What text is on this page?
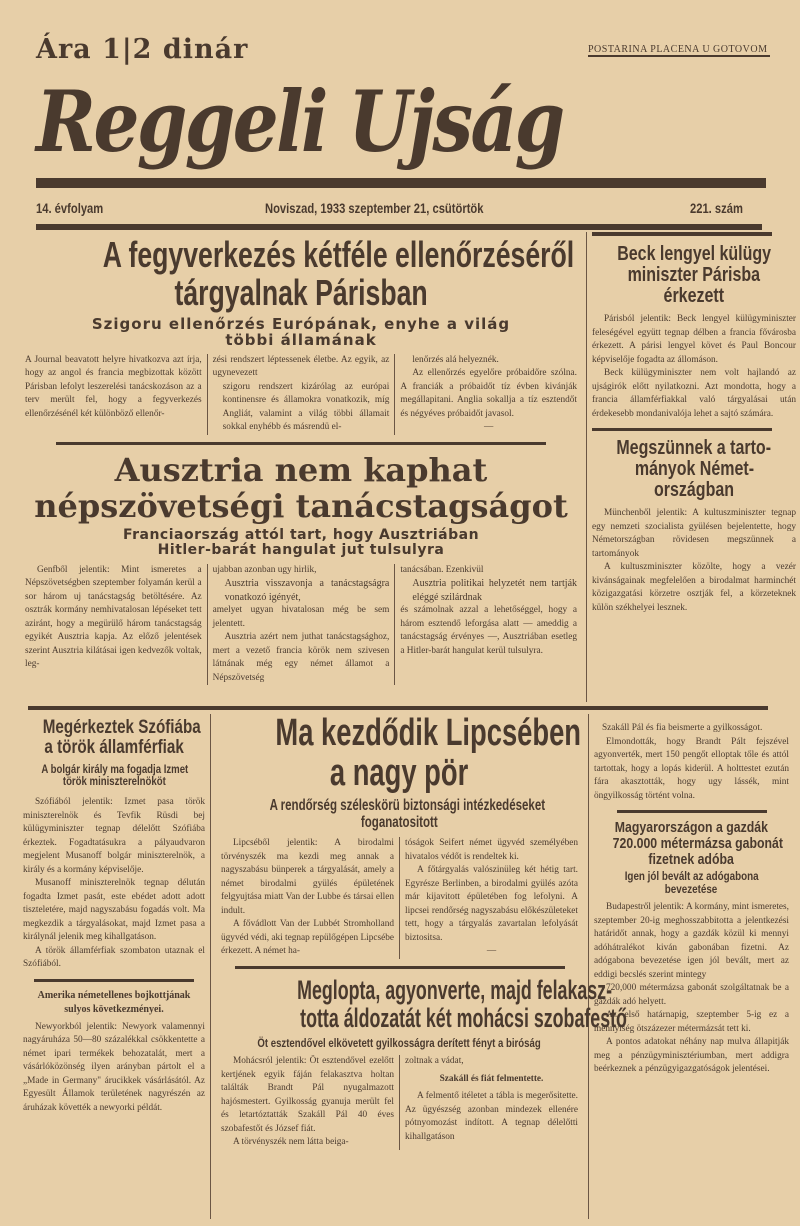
Ára 1|2 dinár	POSTARINA PLAĆENA U GOTOVOM
Reggeli Ujság
14. évfolyam	Noviszad, 1933 szeptember 21, csütörtök	221. szám
A fegyverkezés kétféle ellenőrzéséről
tárgyalnak Párisban
Szigoru ellenőrzés Európának, enyhe a világ
többi államának
A Journal beavatott helyre hivatkozva azt írja, hogy az angol és francia megbizottak között Párisban lefolyt leszerelési tanácskozáson az a terv merült fel, hogy a fegyverkezés ellenőrzésénél két különböző ellenőr-
zési rendszert léptessenek életbe. Az egyik, az ugynevezett
szigoru rendszert kizárólag az európai kontinensre és államokra vonatkozik, míg Angliát, valamint a világ többi államait sokkal enyhébb és másrendü el-

lenőrzés alá helyeznék.

Az ellenőrzés egyelőre próbaidőre szólna. A franciák a próbaidőt tíz évben kivánják megállapitani. Anglia sokallja a tíz esztendőt és négyéves próbaidőt javasol.

—
Ausztria nem kaphat
népszövetségi tanácstagságot
Franciaország attól tart, hogy Ausztriában
Hitler-barát hangulat jut tulsulyra

Genfből jelentik: Mint ismeretes a Népszövetségben szeptember folyamán kerül a sor három uj tanácstagság betöltésére. Az osztrák kormány nemhivatalosan lépéseket tett aziránt, hogy a megürülő három tanácstagság egyikét Ausztria kapja. Az előző jelentések szerint Ausztria kilátásai igen kedvezők voltak, leg-

ujabban azonban ugy hirlik,
Ausztria visszavonja a tanácstagságra vonatkozó igényét,
amelyet ugyan hivatalosan még be sem jelentett.

Ausztria azért nem juthat tanácstagsághoz, mert a vezető francia körök nem szivesen látnának még egy német államot a Népszövetség

tanácsában. Ezenkivül
Ausztria politikai helyzetét nem tartják eléggé szilárdnak
és számolnak azzal a lehetőséggel, hogy a három esztendő leforgása alatt — ameddig a tanácstagság érvényes —, Ausztriában esetleg a Hitler-barát hangulat kerül tulsulyra.
Beck lengyel külügy
miniszter Párisba
érkezett

Párisból jelentik: Beck lengyel külügyminiszter feleségével együtt tegnap délben a francia fővárosba érkezett. A párisi lengyel követ és Paul Boncour képviselője fogadta az állomáson.

Beck külügyminiszter nem volt hajlandó az ujságirók előtt nyilatkozni. Azt mondotta, hogy a francia államférfiakkal való tárgyalásai után érdekesebb mondanivalója lehet a sajtó számára.

Megszünnek a tarto-
mányok Német-
országban

Münchenből jelentik: A kultuszminiszter tegnap egy nemzeti szocialista gyülésen bejelentette, hogy Németországban rövidesen megszünnek a tartományok

A kultuszminiszter közölte, hogy a vezér kivánságainak megfelelően a birodalmat harminchét közigazgatási körzetre osztják fel, a körzeteknek külön székhelyei lesznek.

Megérkeztek Szófiába
a török államférfiak
A bolgár király ma fogadja Izmet
török miniszterelnököt

Szófiából jelentik: Izmet pasa török miniszterelnök és Tevfik Rüsdi bej külügyminiszter tegnap délelőtt Szófiába érkeztek. Fogadtatásukra a pályaudvaron megjelent Musanoff bolgár miniszterelnök, a király és a kormány képviselője.

Musanoff miniszterelnök tegnap délután fogadta Izmet pasát, este ebédet adott adott tiszteletére, majd nagyszabásu fogadás volt. Ma megkezdik a tárgyalásokat, majd Izmet pasa a királynál jelenik meg kihallgatáson.

A török államférfiak szombaton utaznak el Szófiából.

Amerika németellenes bojkottjának
sulyos következményei.

Newyorkból jelentik: Newyork valamennyi nagyáruháza 50—80 százalékkal csökkentette a német ipari termékek behozatalát, mert a vásárlóközönség ilyen arányban pártolt el a „Made in Germany" árucikkek vásárlásától. Az Egyesült Államok területének nagyrészén az áruházak követték a newyorki példát.

Ma kezdődik Lipcsében
a nagy pör
A rendőrség széleskörü biztonsági intézkedéseket
foganatositott

Lipcséből jelentik: A birodalmi törvényszék ma kezdi meg annak a nagyszabásu bünperek a tárgyalását, amely a német birodalmi gyülés épületének felgyujtása miatt Van der Lubbe és társai ellen indult.

A fővádlott Van der Lubbét Stromholland ügyvéd védi, aki tegnap repülőgépen Lipcsébe érkezett. A német ha-

tóságok Seifert német ügyvéd személyében hivatalos védőt is rendeltek ki.

A főtárgyalás valószinüleg két hétig tart. Egyrésze Berlinben, a birodalmi gyülés azóta már kijavitott épületében fog lefolyni. A lipcsei rendőrség nagyszabásu előkészületeket tett, hogy a tárgyalás zavartalan lefolyását biztositsa.

—
Meglopta, agyonverte, majd felakasz-
totta áldozatát két mohácsi szobafestő
Öt esztendővel elkövetett gyilkosságra derített fényt a biróság

Mohácsról jelentik: Öt esztendővel ezelőtt kertjének egyik fáján felakasztva holtan találták Brandt Pál nyugalmazott hajósmestert. Gyilkosság gyanuja merült fel és letartóztatták Szakáll Pál 40 éves szobafestőt és József fiát.

A törvényszék nem látta beiga-

zoltnak a vádat,
Szakáll és fiát felmentette.

A felmentő itéletet a tábla is megerősitette. Az ügyészség azonban mindezek ellenére pótnyomozást indított. A tegnap délelőtti kihallgatáson

Szakáll Pál és fia beismerte a gyilkosságot.

Elmondották, hogy Brandt Pált fejszével agyonverték, mert 150 pengőt elloptak tőle és attól tartottak, hogy a lopás kiderül. A holttestet ezután fára akasztották, hogy ugy lássék, mint öngyilkosság történt volna.

Magyarországon a gazdák
720.000 métermázsa gabonát
fizetnek adóba
Igen jól bevált az adógabona
bevezetése

Budapestről jelentik: A kormány, mint ismeretes, szeptember 20-ig meghosszabbitotta a jelentkezési határidőt annak, hogy a gazdák közül ki mennyi adóhátralékot kiván gabonában fizetni. Az adógabona bevezetése igen jól bevált, mert az eddigi becslés szerint mintegy

720,000 métermázsa gabonát szolgáltatnak be a gazdák adó helyett.

Az első határnapig, szeptember 5-ig ez a mennyiség ötszázezer métermázsát tett ki.

A pontos adatokat néhány nap mulva állapitják meg a pénzügyminisztériumban, mert addigra beérkeznek a pénzügyigazgatóságok jelentései.
